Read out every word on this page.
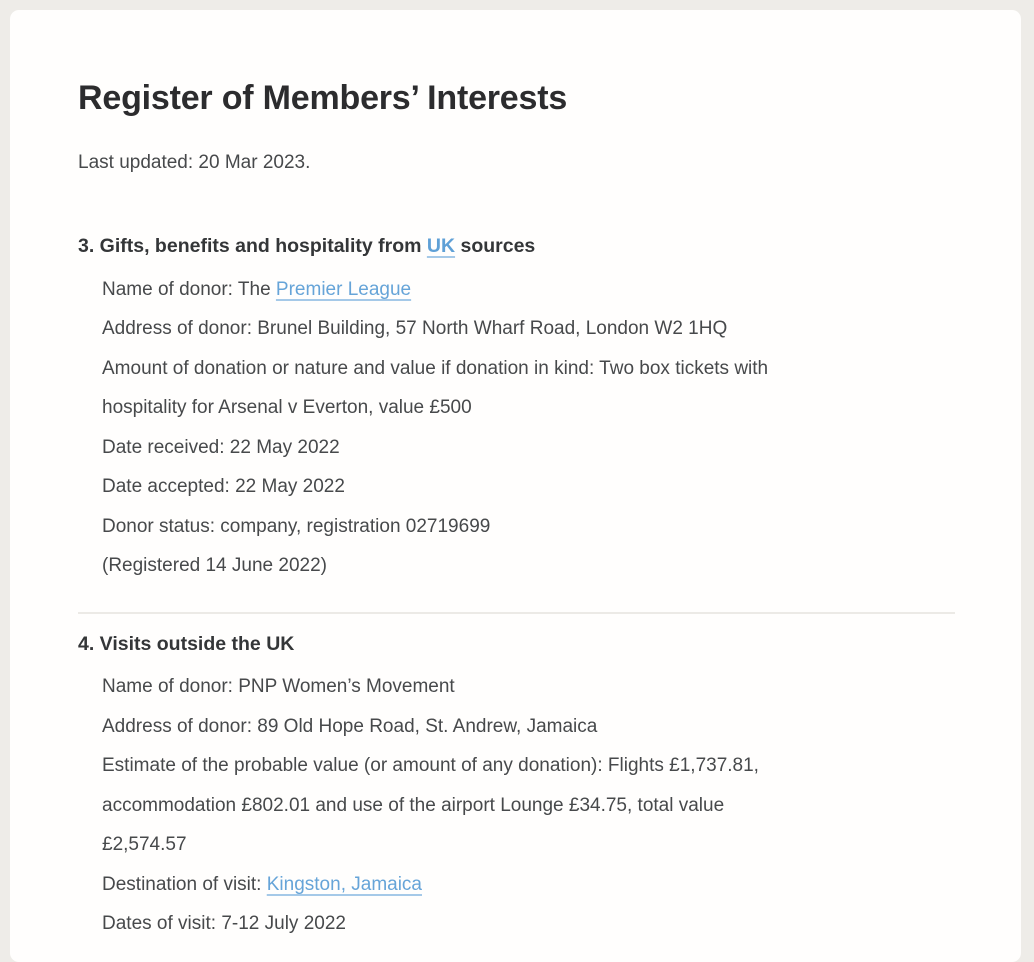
Register of Members’ Interests

Last updated: 20 Mar 2023.

3. Gifts, benefits and hospitality from UK sources
Name of donor: The Premier League
Address of donor: Brunel Building, 57 North Wharf Road, London W2 1HQ
Amount of donation or nature and value if donation in kind: Two box tickets with
hospitality for Arsenal v Everton, value £500
Date received: 22 May 2022
Date accepted: 22 May 2022
Donor status: company, registration 02719699
(Registered 14 June 2022)
4. Visits outside the UK
Name of donor: PNP Women’s Movement
Address of donor: 89 Old Hope Road, St. Andrew, Jamaica
Estimate of the probable value (or amount of any donation): Flights £1,737.81,
accommodation £802.01 and use of the airport Lounge £34.75, total value
£2,574.57
Destination of visit: Kingston, Jamaica
Dates of visit: 7-12 July 2022
